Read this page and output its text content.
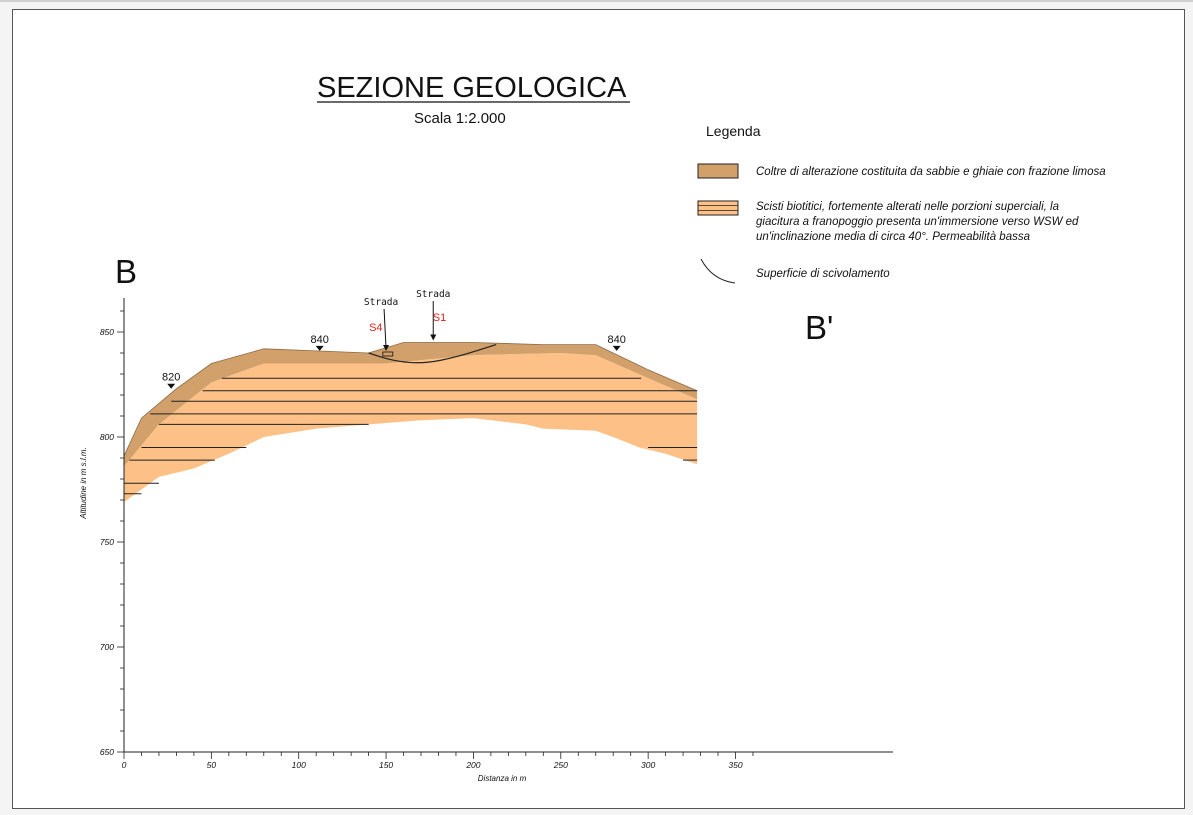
SEZIONE GEOLOGICA
Scala 1:2.000
Legenda
Coltre di alterazione costituita da sabbie e ghiaie con frazione limosa
Scisti biotitici, fortemente alterati nelle porzioni superciali, la
giacitura a franopoggio presenta un'immersione verso WSW ed
un'inclinazione media di circa 40°. Permeabilità bassa
Superficie di scivolamento
B
B'
650
700
750
800
850
0	50	100	150	200	250	300	350
840
820
840
Strada
Strada
S4
S1
Distanza in m
Altitudine in m s.l.m.
